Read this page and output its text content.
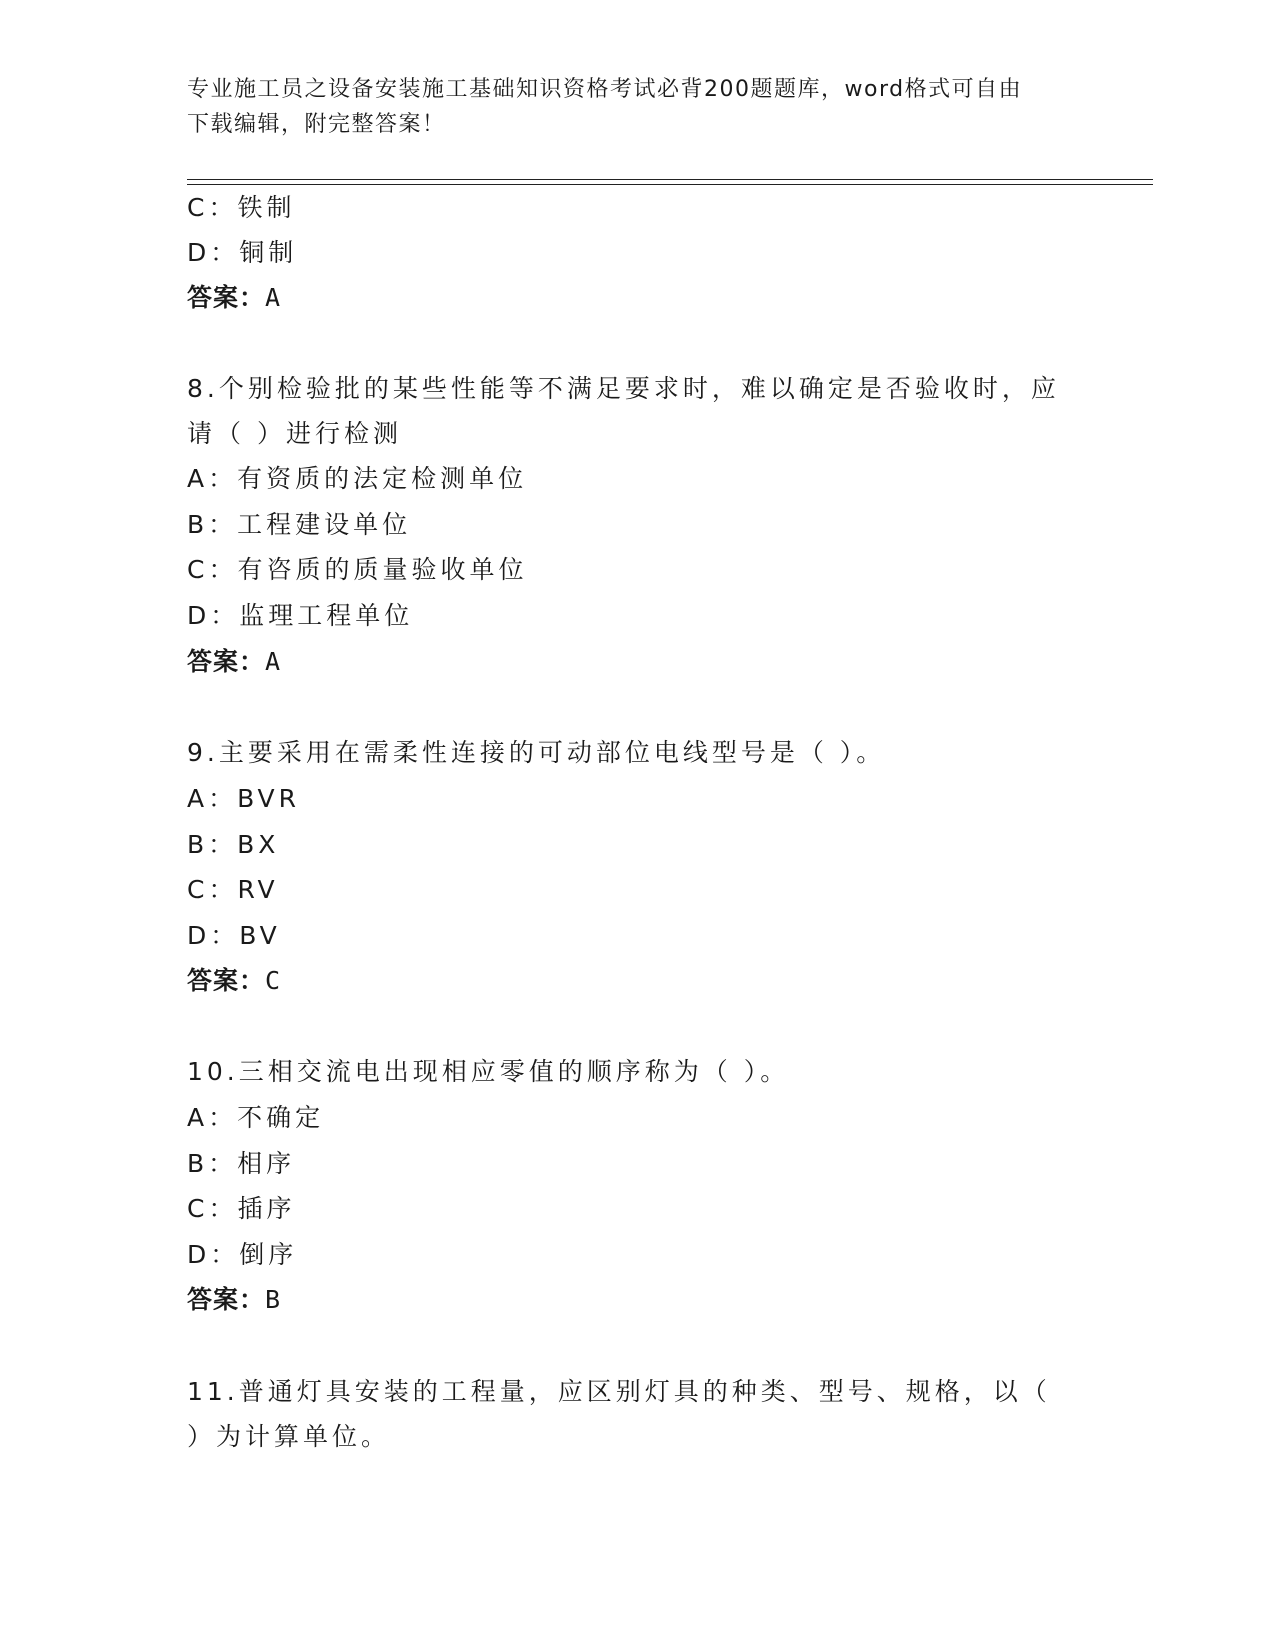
专业施工员之设备安装施工基础知识资格考试必背200题题库，word格式可自由
下载编辑，附完整答案！
C：铁制
D：铜制
答案：A
8.个别检验批的某些性能等不满足要求时，难以确定是否验收时，应
请（ ）进行检测
A：有资质的法定检测单位
B：工程建设单位
C：有咨质的质量验收单位
D：监理工程单位
答案：A
9.主要采用在需柔性连接的可动部位电线型号是（ ）。
A：BVR
B：BX
C：RV
D：BV
答案：C
10.三相交流电出现相应零值的顺序称为（ ）。
A：不确定
B：相序
C：插序
D：倒序
答案：B
11.普通灯具安装的工程量，应区别灯具的种类、型号、规格，以（
）为计算单位。
